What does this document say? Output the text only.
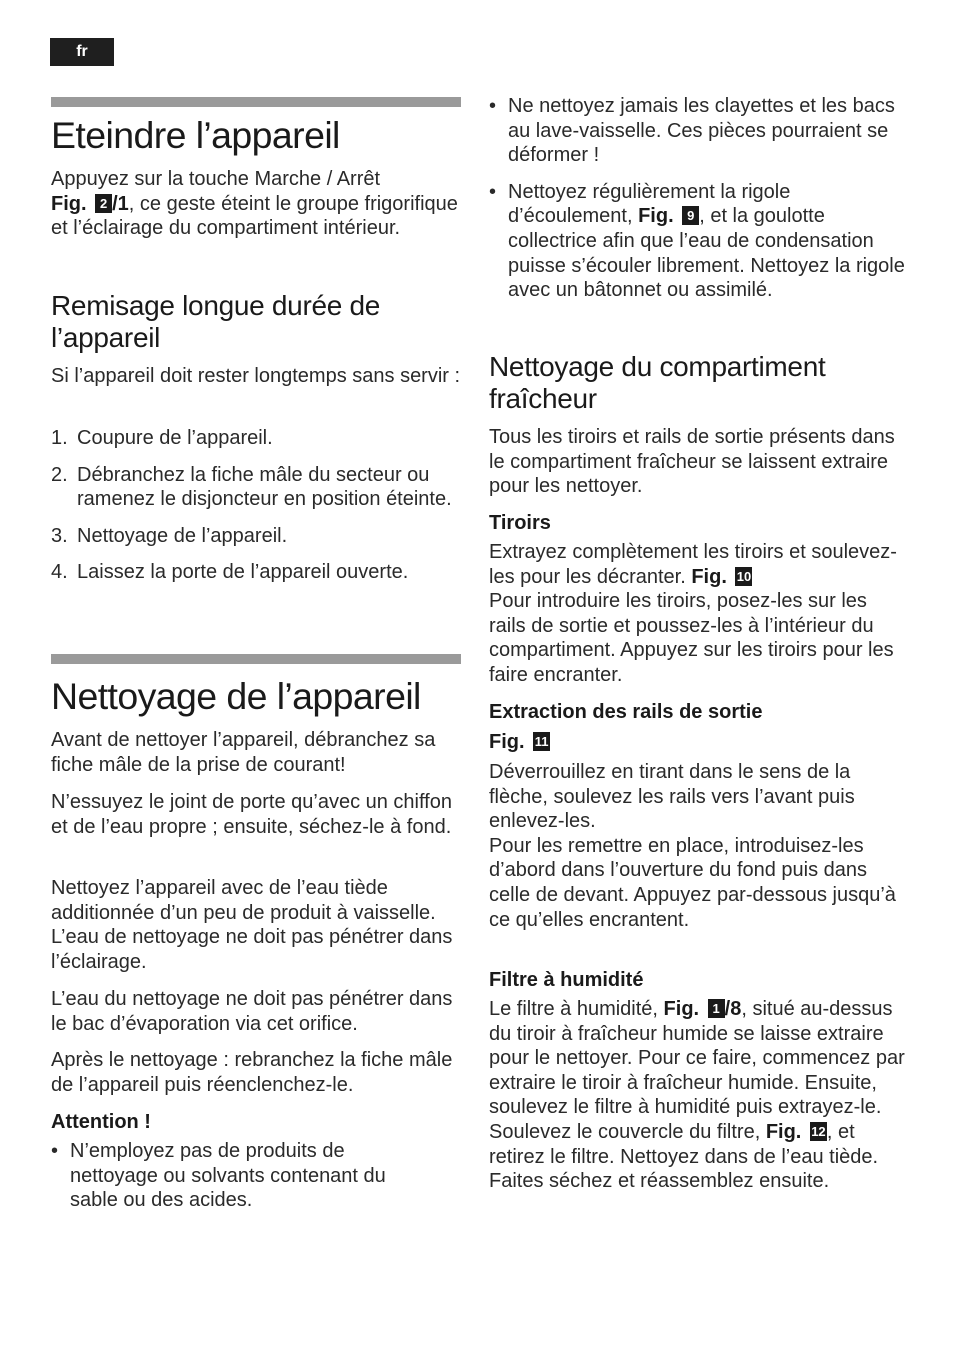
fr
Eteindre l’appareil

Appuyez sur la touche Marche / Arrêt
Fig. 2 /1, ce geste éteint le groupe frigorifique et l’éclairage du compartiment intérieur.

Remisage longue durée de l’appareil

Si l’appareil doit rester longtemps sans servir :

1. Coupure de l’appareil.
2. Débranchez la fiche mâle du secteur ou ramenez le disjoncteur en position éteinte.
3. Nettoyage de l’appareil.
4. Laissez la porte de l’appareil ouverte.
Nettoyage de l’appareil

Avant de nettoyer l’appareil, débranchez sa fiche mâle de la prise de courant!

N’essuyez le joint de porte qu’avec un chiffon et de l’eau propre ; ensuite, séchez-le à fond.

Nettoyez l’appareil avec de l’eau tiède additionnée d’un peu de produit à vaisselle. L’eau de nettoyage ne doit pas pénétrer dans l’éclairage.

L’eau du nettoyage ne doit pas pénétrer dans le bac d’évaporation via cet orifice.

Après le nettoyage : rebranchez la fiche mâle de l’appareil puis réenclenchez-le.

Attention !

• N’employez pas de produits de nettoyage ou solvants contenant du sable ou des acides.
• Ne nettoyez jamais les clayettes et les bacs au lave-vaisselle. Ces pièces pourraient se déformer !
• Nettoyez régulièrement la rigole d’écoulement, Fig. 9 , et la goulotte collectrice afin que l’eau de condensation puisse s’écouler librement. Nettoyez la rigole avec un bâtonnet ou assimilé.
Nettoyage du compartiment fraîcheur

Tous les tiroirs et rails de sortie présents dans le compartiment fraîcheur se laissent extraire pour les nettoyer.

Tiroirs

Extrayez complètement les tiroirs et soulevez-les pour les décranter. Fig. 10
Pour introduire les tiroirs, posez-les sur les rails de sortie et poussez-les à l’intérieur du compartiment. Appuyez sur les tiroirs pour les faire encranter.

Extraction des rails de sortie

Fig. 11

Déverrouillez en tirant dans le sens de la flèche, soulevez les rails vers l’avant puis enlevez-les.
Pour les remettre en place, introduisez-les d’abord dans l’ouverture du fond puis dans celle de devant. Appuyez par-dessous jusqu’à ce qu’elles encrantent.

Filtre à humidité

Le filtre à humidité, Fig. 1 /8, situé au-dessus du tiroir à fraîcheur humide se laisse extraire pour le nettoyer. Pour ce faire, commencez par extraire le tiroir à fraîcheur humide. Ensuite, soulevez le filtre à humidité puis extrayez-le. Soulevez le couvercle du filtre, Fig. 12, et retirez le filtre. Nettoyez dans de l’eau tiède. Faites séchez et réassemblez ensuite.
